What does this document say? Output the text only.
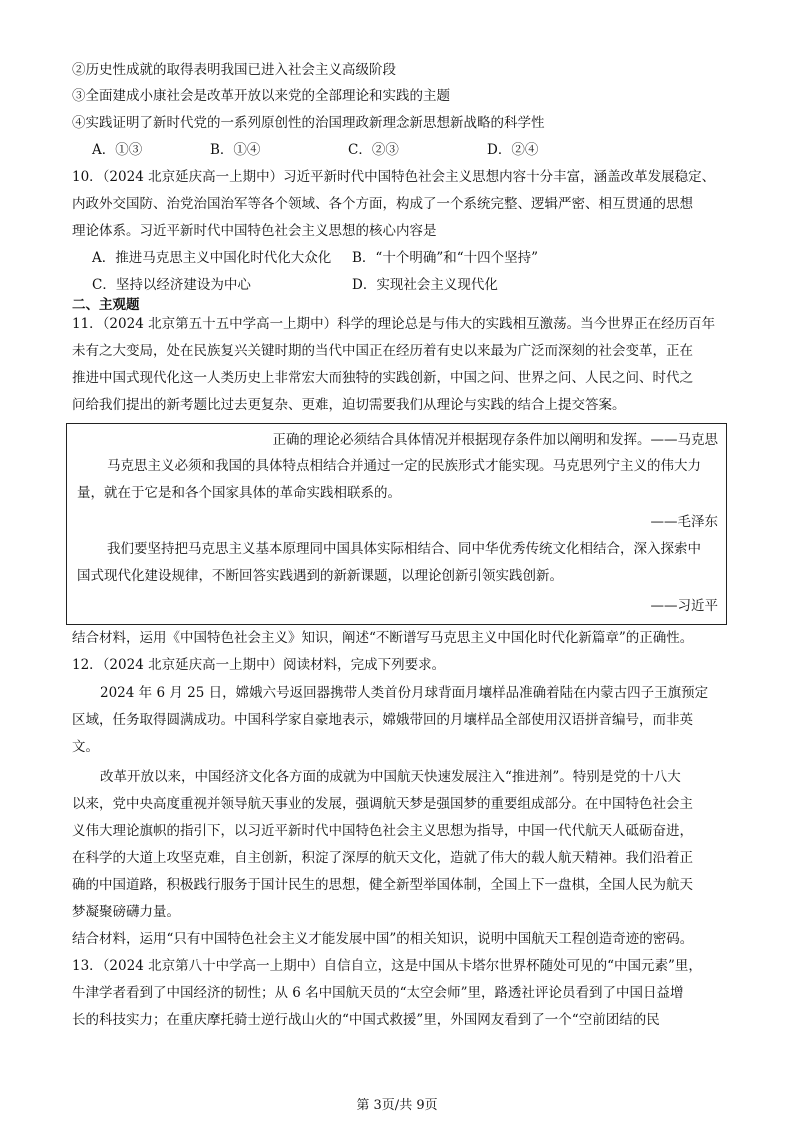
②历史性成就的取得表明我国已进入社会主义高级阶段
③全面建成小康社会是改革开放以来党的全部理论和实践的主题
④实践证明了新时代党的一系列原创性的治国理政新理念新思想新战略的科学性
A．①③	B．①④	C．②③	D．②④
10．（2024 北京延庆高一上期中）习近平新时代中国特色社会主义思想内容十分丰富，涵盖改革发展稳定、
内政外交国防、治党治国治军等各个领域、各个方面，构成了一个系统完整、逻辑严密、相互贯通的思想
理论体系。习近平新时代中国特色社会主义思想的核心内容是
A．推进马克思主义中国化时代化大众化 B．“十个明确”和“十四个坚持”
C．坚持以经济建设为中心	D．实现社会主义现代化
二、主观题
11．（2024 北京第五十五中学高一上期中）科学的理论总是与伟大的实践相互激荡。当今世界正在经历百年
未有之大变局，处在民族复兴关键时期的当代中国正在经历着有史以来最为广泛而深刻的社会变革，正在
推进中国式现代化这一人类历史上非常宏大而独特的实践创新，中国之问、世界之问、人民之问、时代之
问给我们提出的新考题比过去更复杂、更难，迫切需要我们从理论与实践的结合上提交答案。
正确的理论必须结合具体情况并根据现存条件加以阐明和发挥。——马克思
马克思主义必须和我国的具体特点相结合并通过一定的民族形式才能实现。马克思列宁主义的伟大力
量，就在于它是和各个国家具体的革命实践相联系的。
——毛泽东
我们要坚持把马克思主义基本原理同中国具体实际相结合、同中华优秀传统文化相结合，深入探索中
国式现代化建设规律，不断回答实践遇到的新新课题，以理论创新引领实践创新。
——习近平
结合材料，运用《中国特色社会主义》知识，阐述“不断谱写马克思主义中国化时代化新篇章”的正确性。
12．（2024 北京延庆高一上期中）阅读材料，完成下列要求。
2024 年 6 月 25 日，嫦娥六号返回器携带人类首份月球背面月壤样品准确着陆在内蒙古四子王旗预定
区域，任务取得圆满成功。中国科学家自豪地表示，嫦娥带回的月壤样品全部使用汉语拼音编号，而非英
文。
改革开放以来，中国经济文化各方面的成就为中国航天快速发展注入“推进剂”。特别是党的十八大
以来，党中央高度重视并领导航天事业的发展，强调航天梦是强国梦的重要组成部分。在中国特色社会主
义伟大理论旗帜的指引下，以习近平新时代中国特色社会主义思想为指导，中国一代代航天人砥砺奋进，
在科学的大道上攻坚克难，自主创新，积淀了深厚的航天文化，造就了伟大的载人航天精神。我们沿着正
确的中国道路，积极践行服务于国计民生的思想，健全新型举国体制，全国上下一盘棋，全国人民为航天
梦凝聚磅礴力量。
结合材料，运用“只有中国特色社会主义才能发展中国”的相关知识，说明中国航天工程创造奇迹的密码。
13．（2024 北京第八十中学高一上期中）自信自立，这是中国从卡塔尔世界杯随处可见的“中国元素”里，
牛津学者看到了中国经济的韧性；从 6 名中国航天员的“太空会师”里，路透社评论员看到了中国日益增
长的科技实力；在重庆摩托骑士逆行战山火的“中国式救援”里，外国网友看到了一个“空前团结的民
第 3页/共 9页
